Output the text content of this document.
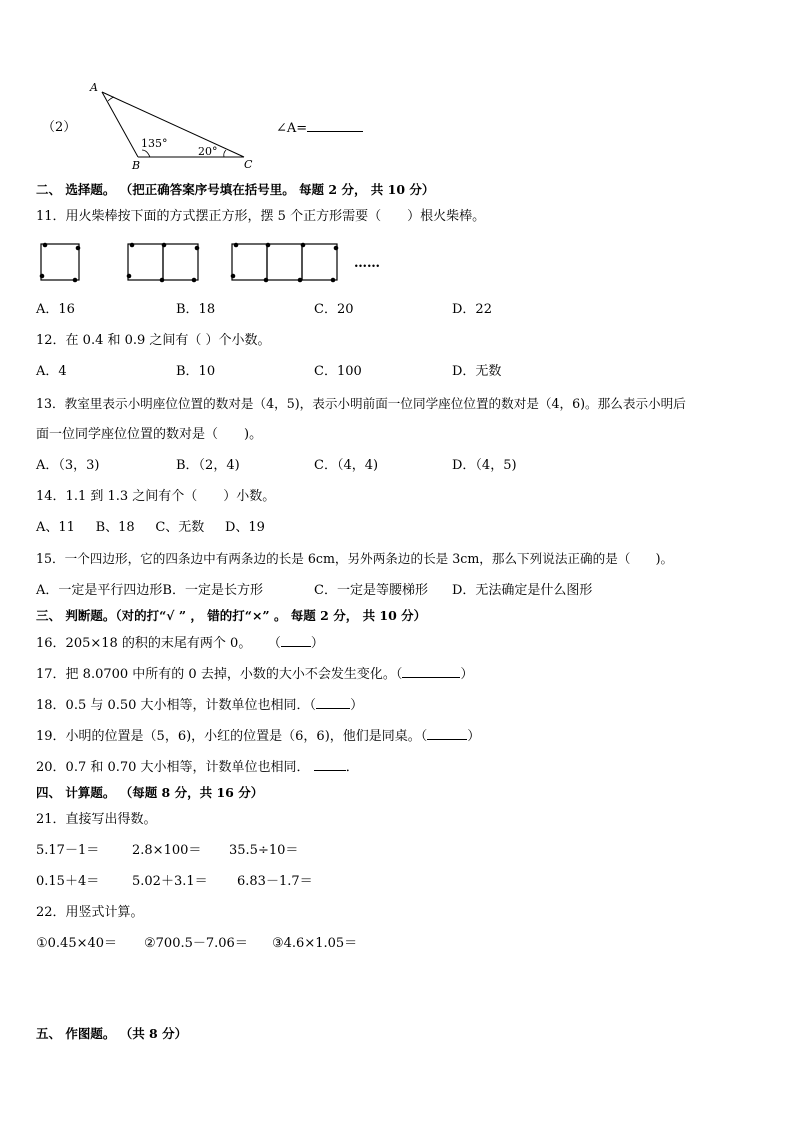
（2）
A
B	C
135°
20°
∠A=
二、 选择题。 （把正确答案序号填在括号里。 每题 2 分， 共 10 分）
11．用火柴棒按下面的方式摆正方形，摆 5 个正方形需要（　　）根火柴棒。
……
A．16	B．18	C．20	D．22
12．在 0.4 和 0.9 之间有（ ）个小数。
A．4	B．10	C．100	D．无数
13．教室里表示小明座位位置的数对是（4，5)，表示小明前面一位同学座位位置的数对是（4，6)。那么表示小明后
面一位同学座位位置的数对是（　　)。
A．（3，3)	B．（2，4)	C．（4，4)	D．（4，5)
14．1.1 到 1.3 之间有个（　　）小数。
A、11     B、18     C、无数     D、19
15．一个四边形，它的四条边中有两条边的长是 6cm，另外两条边的长是 3cm，那么下列说法正确的是（　　)。
A．一定是平行四边形B．一定是长方形	C．一定是等腰梯形 D．无法确定是什么图形
三、 判断题。（对的打“√ ” ， 错的打“×” 。 每题 2 分， 共 10 分）
16．205×18 的积的末尾有两个 0。 （ ）
17．把 8.0700 中所有的 0 去掉，小数的大小不会发生变化。（	）
18．0.5 与 0.50 大小相等，计数单位也相同．（	）
19．小明的位置是（5，6)，小红的位置是（6，6)，他们是同桌。（	）
20．0.7 和 0.70 大小相等，计数单位也相同．	．
四、 计算题。 （每题 8 分，共 16 分）
21．直接写出得数。
5.17－1＝	2.8×100＝ 35.5÷10＝
0.15＋4＝	5.02＋3.1＝ 6.83－1.7＝
22．用竖式计算。
①0.45×40＝ ②700.5－7.06＝ ③4.6×1.05＝
五、 作图题。 （共 8 分）
